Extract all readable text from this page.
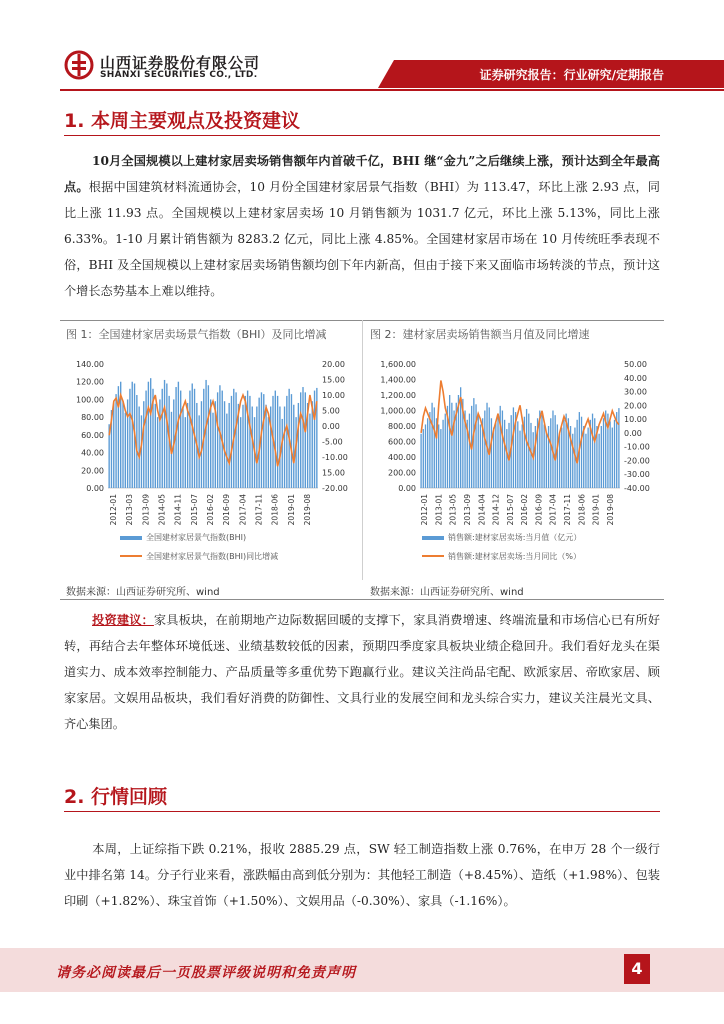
山西证券股份有限公司
SHANXI SECURITIES CO., LTD.	证券研究报告：行业研究/定期报告
1. 本周主要观点及投资建议
10月全国规模以上建材家居卖场销售额年内首破千亿，BHI 继“金九”之后继续上涨，预计达到全年最高点。根据中国建筑材料流通协会，10 月份全国建材家居景气指数（BHI）为 113.47，环比上涨 2.93 点，同比上涨 11.93 点。全国规模以上建材家居卖场 10 月销售额为 1031.7 亿元，环比上涨 5.13%，同比上涨 6.33%。1-10 月累计销售额为 8283.2 亿元，同比上涨 4.85%。全国建材家居市场在 10 月传统旺季表现不俗，BHI 及全国规模以上建材家居卖场销售额均创下年内新高，但由于接下来又面临市场转淡的节点，预计这个增长态势基本上难以维持。
图 1：全国建材家居卖场景气指数（BHI）及同比增减	图 2：建材家居卖场销售额当月值及同比增速
140.00
120.00
100.00
80.00
60.00
40.00
20.00
0.00
20.00
15.00
10.00
5.00
0.00
-5.00
-10.00
15.00
-20.00
2012-01 2013-03 2013-09 2014-05 2014-11 2015-07 2016-02 2016-09 2017-04 2017-11 2018-06 2019-01 2019-08
全国建材家居景气指数(BHI)
全国建材家居景气指数(BHI)同比增减
1,600.00
1,400.00
1,200.00
1,000.00
800.00
600.00
400.00
200.00
0.00
50.00
40.00
30.00
20.00
10.00
0.00
-10.00
-20.00
-30.00
-40.00
2012-01 2013-01 2013-05 2013-09 2014-04 2014-12 2015-07 2016-02 2016-09 2017-04 2017-11 2018-06 2019-01 2019-08
销售额:建材家居卖场:当月值（亿元）
销售额:建材家居卖场:当月同比（%）
数据来源：山西证券研究所、wind	数据来源：山西证券研究所、wind
投资建议：家具板块，在前期地产边际数据回暖的支撑下，家具消费增速、终端流量和市场信心已有所好转，再结合去年整体环境低迷、业绩基数较低的因素，预期四季度家具板块业绩企稳回升。我们看好龙头在渠道实力、成本效率控制能力、产品质量等多重优势下跑赢行业。建议关注尚品宅配、欧派家居、帝欧家居、顾家家居。文娱用品板块，我们看好消费的防御性、文具行业的发展空间和龙头综合实力，建议关注晨光文具、齐心集团。
2. 行情回顾
本周，上证综指下跌 0.21%，报收 2885.29 点，SW 轻工制造指数上涨 0.76%，在申万 28 个一级行业中排名第 14。分子行业来看，涨跌幅由高到低分别为：其他轻工制造（+8.45%）、造纸（+1.98%）、包装印刷（+1.82%）、珠宝首饰（+1.50%）、文娱用品（-0.30%）、家具（-1.16%）。
请务必阅读最后一页股票评级说明和免责声明	4
